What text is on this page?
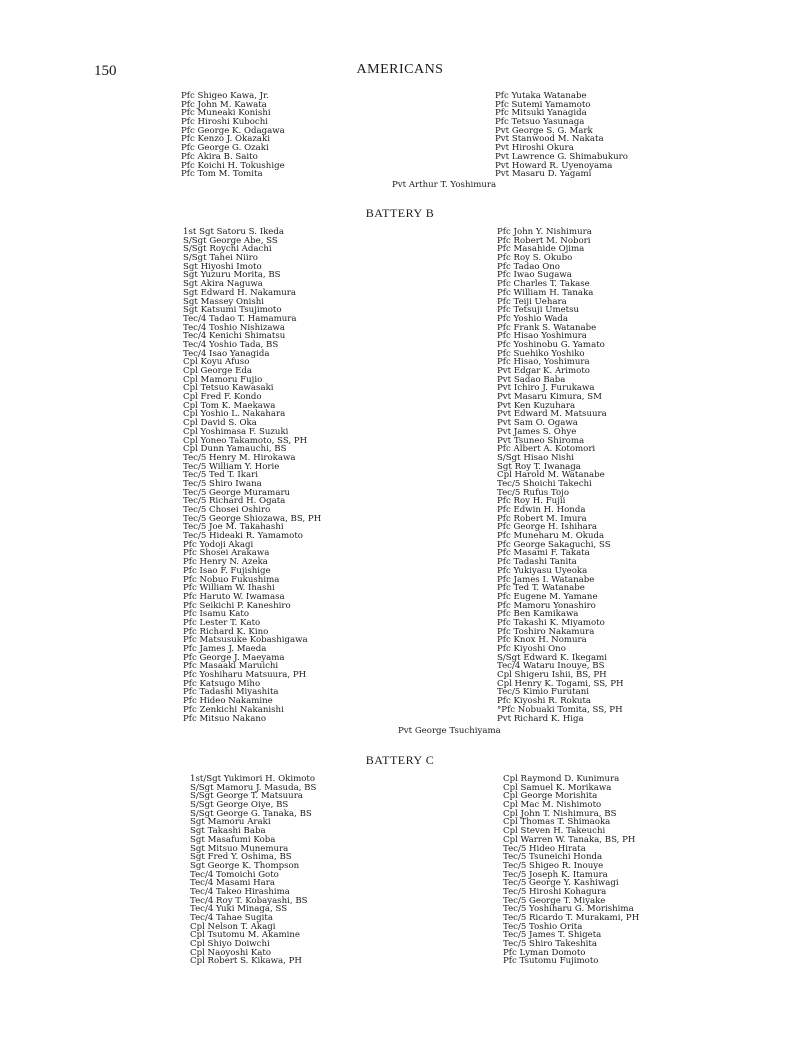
150	AMERICANS
Pfc Shigeo Kawa, Jr.
Pfc John M. Kawata
Pfc Muneaki Konishi
Pfc Hiroshi Kubochi
Pfc George K. Odagawa
Pfc Kenzo J. Okazaki
Pfc George G. Ozaki
Pfc Akira B. Saito
Pfc Koichi H. Tokushige
Pfc Tom M. Tomita
Pfc Yutaka Watanabe
Pfc Sutemi Yamamoto
Pfc Mitsuki Yanagida
Pfc Tetsuo Yasunaga
Pvt George S. G. Mark
Pvt Stanwood M. Nakata
Pvt Hiroshi Okura
Pvt Lawrence G. Shimabukuro
Pvt Howard R. Uyenoyama
Pvt Masaru D. Yagami
Pvt Arthur T. Yoshimura
BATTERY B
1st Sgt Satoru S. Ikeda
S/Sgt George Abe, SS
S/Sgt Roychi Adachi
S/Sgt Tahei Niiro
Sgt Hiyoshi Imoto
Sgt Yuzuru Morita, BS
Sgt Akira Naguwa
Sgt Edward H. Nakamura
Sgt Massey Onishi
Sgt Katsumi Tsujimoto
Tec/4 Tadao T. Hamamura
Tec/4 Toshio Nishizawa
Tec/4 Kenichi Shimatsu
Tec/4 Yoshio Tada, BS
Tec/4 Isao Yanagida
Cpl Koyu Afuso
Cpl George Eda
Cpl Mamoru Fujio
Cpl Tetsuo Kawasaki
Cpl Fred F. Kondo
Cpl Tom K. Maekawa
Cpl Yoshio L. Nakahara
Cpl David S. Oka
Cpl Yoshimasa F. Suzuki
Cpl Yoneo Takamoto, SS, PH
Cpl Dunn Yamauchi, BS
Tec/5 Henry M. Hirokawa
Tec/5 William Y. Horie
Tec/5 Ted T. Ikari
Tec/5 Shiro Iwana
Tec/5 George Muramaru
Tec/5 Richard H. Ogata
Tec/5 Chosei Oshiro
Tec/5 George Shiozawa, BS, PH
Tec/5 Joe M. Takahashi
Tec/5 Hideaki R. Yamamoto
Pfc Yodoji Akagi
Pfc Shosei Arakawa
Pfc Henry N. Azeka
Pfc Isao F. Fujishige
Pfc Nobuo Fukushima
Pfc William W. Ihashi
Pfc Haruto W. Iwamasa
Pfc Seikichi P. Kaneshiro
Pfc Isamu Kato
Pfc Lester T. Kato
Pfc Richard K. Kino
Pfc Matsusuke Kobashigawa
Pfc James J. Maeda
Pfc George J. Maeyama
Pfc Masaaki Maruichi
Pfc Yoshiharu Matsuura, PH
Pfc Katsugo Miho
Pfc Tadashi Miyashita
Pfc Hideo Nakamine
Pfc Zenkichi Nakanishi
Pfc Mitsuo Nakano
Pfc John Y. Nishimura
Pfc Robert M. Nobori
Pfc Masahide Ojima
Pfc Roy S. Okubo
Pfc Tadao Ono
Pfc Iwao Sugawa
Pfc Charles T. Takase
Pfc William H. Tanaka
Pfc Teiji Uehara
Pfc Tetsuji Umetsu
Pfc Yoshio Wada
Pfc Frank S. Watanabe
Pfc Hisao Yoshimura
Pfc Yoshinobu G. Yamato
Pfc Suehiko Yoshiko
Pfc Hisao, Yoshimura
Pvt Edgar K. Arimoto
Pvt Sadao Baba
Pvt Ichiro J. Furukawa
Pvt Masaru Kimura, SM
Pvt Ken Kuzuhara
Pvt Edward M. Matsuura
Pvt Sam O. Ogawa
Pvt James S. Ohye
Pvt Tsuneo Shiroma
Pfc Albert A. Kotomori
S/Sgt Hisao Nishi
Sgt Roy T. Iwanaga
Cpl Harold M. Watanabe
Tec/5 Shoichi Takechi
Tec/5 Rufus Tojo
Pfc Roy H. Fujii
Pfc Edwin H. Honda
Pfc Robert M. Imura
Pfc George H. Ishihara
Pfc Muneharu M. Okuda
Pfc George Sakaguchi, SS
Pfc Masami F. Takata
Pfc Tadashi Tanita
Pfc Yukiyasu Uyeoka
Pfc James I. Watanabe
Pfc Ted T. Watanabe
Pfc Eugene M. Yamane
Pfc Mamoru Yonashiro
Pfc Ben Kamikawa
Pfc Takashi K. Miyamoto
Pfc Toshiro Nakamura
Pfc Knox H. Nomura
Pfc Kiyoshi Ono
S/Sgt Edward K. Ikegami
Tec/4 Wataru Inouye, BS
Cpl Shigeru Ishii, BS, PH
Cpl Henry K. Togami, SS, PH
Tec/5 Kimio Furutani
Pfc Kiyoshi R. Rokuta
°Pfc Nobuaki Tomita, SS, PH
Pvt Richard K. Higa
Pvt George Tsuchiyama
BATTERY C
1st/Sgt Yukimori H. Okimoto
S/Sgt Mamoru J. Masuda, BS
S/Sgt George T. Matsuura
S/Sgt George Oiye, BS
S/Sgt George G. Tanaka, BS
Sgt Mamoru Araki
Sgt Takashi Baba
Sgt Masafumi Koba
Sgt Mitsuo Munemura
Sgt Fred Y. Oshima, BS
Sgt George K. Thompson
Tec/4 Tomoichi Goto
Tec/4 Masami Hara
Tec/4 Takeo Hirashima
Tec/4 Roy T. Kobayashi, BS
Tec/4 Yuki Minaga, SS
Tec/4 Tahae Sugita
Cpl Nelson T. Akagi
Cpl Tsutomu M. Akamine
Cpl Shiyo Doiwchi
Cpl Naoyoshi Kato
Cpl Robert S. Kikawa, PH
Cpl Raymond D. Kunimura
Cpl Samuel K. Morikawa
Cpl George Morishita
Cpl Mac M. Nishimoto
Cpl John T. Nishimura, BS
Cpl Thomas T. Shimaoka
Cpl Steven H. Takeuchi
Cpl Warren W. Tanaka, BS, PH
Tec/5 Hideo Hirata
Tec/5 Tsuneichi Honda
Tec/5 Shigeo R. Inouye
Tec/5 Joseph K. Itamura
Tec/5 George Y. Kashiwagi
Tec/5 Hiroshi Kohagura
Tec/5 George T. Miyake
Tec/5 Yoshiharu G. Morishima
Tec/5 Ricardo T. Murakami, PH
Tec/5 Toshio Orita
Tec/5 James T. Shigeta
Tec/5 Shiro Takeshita
Pfc Lyman Domoto
Pfc Tsutomu Fujimoto
